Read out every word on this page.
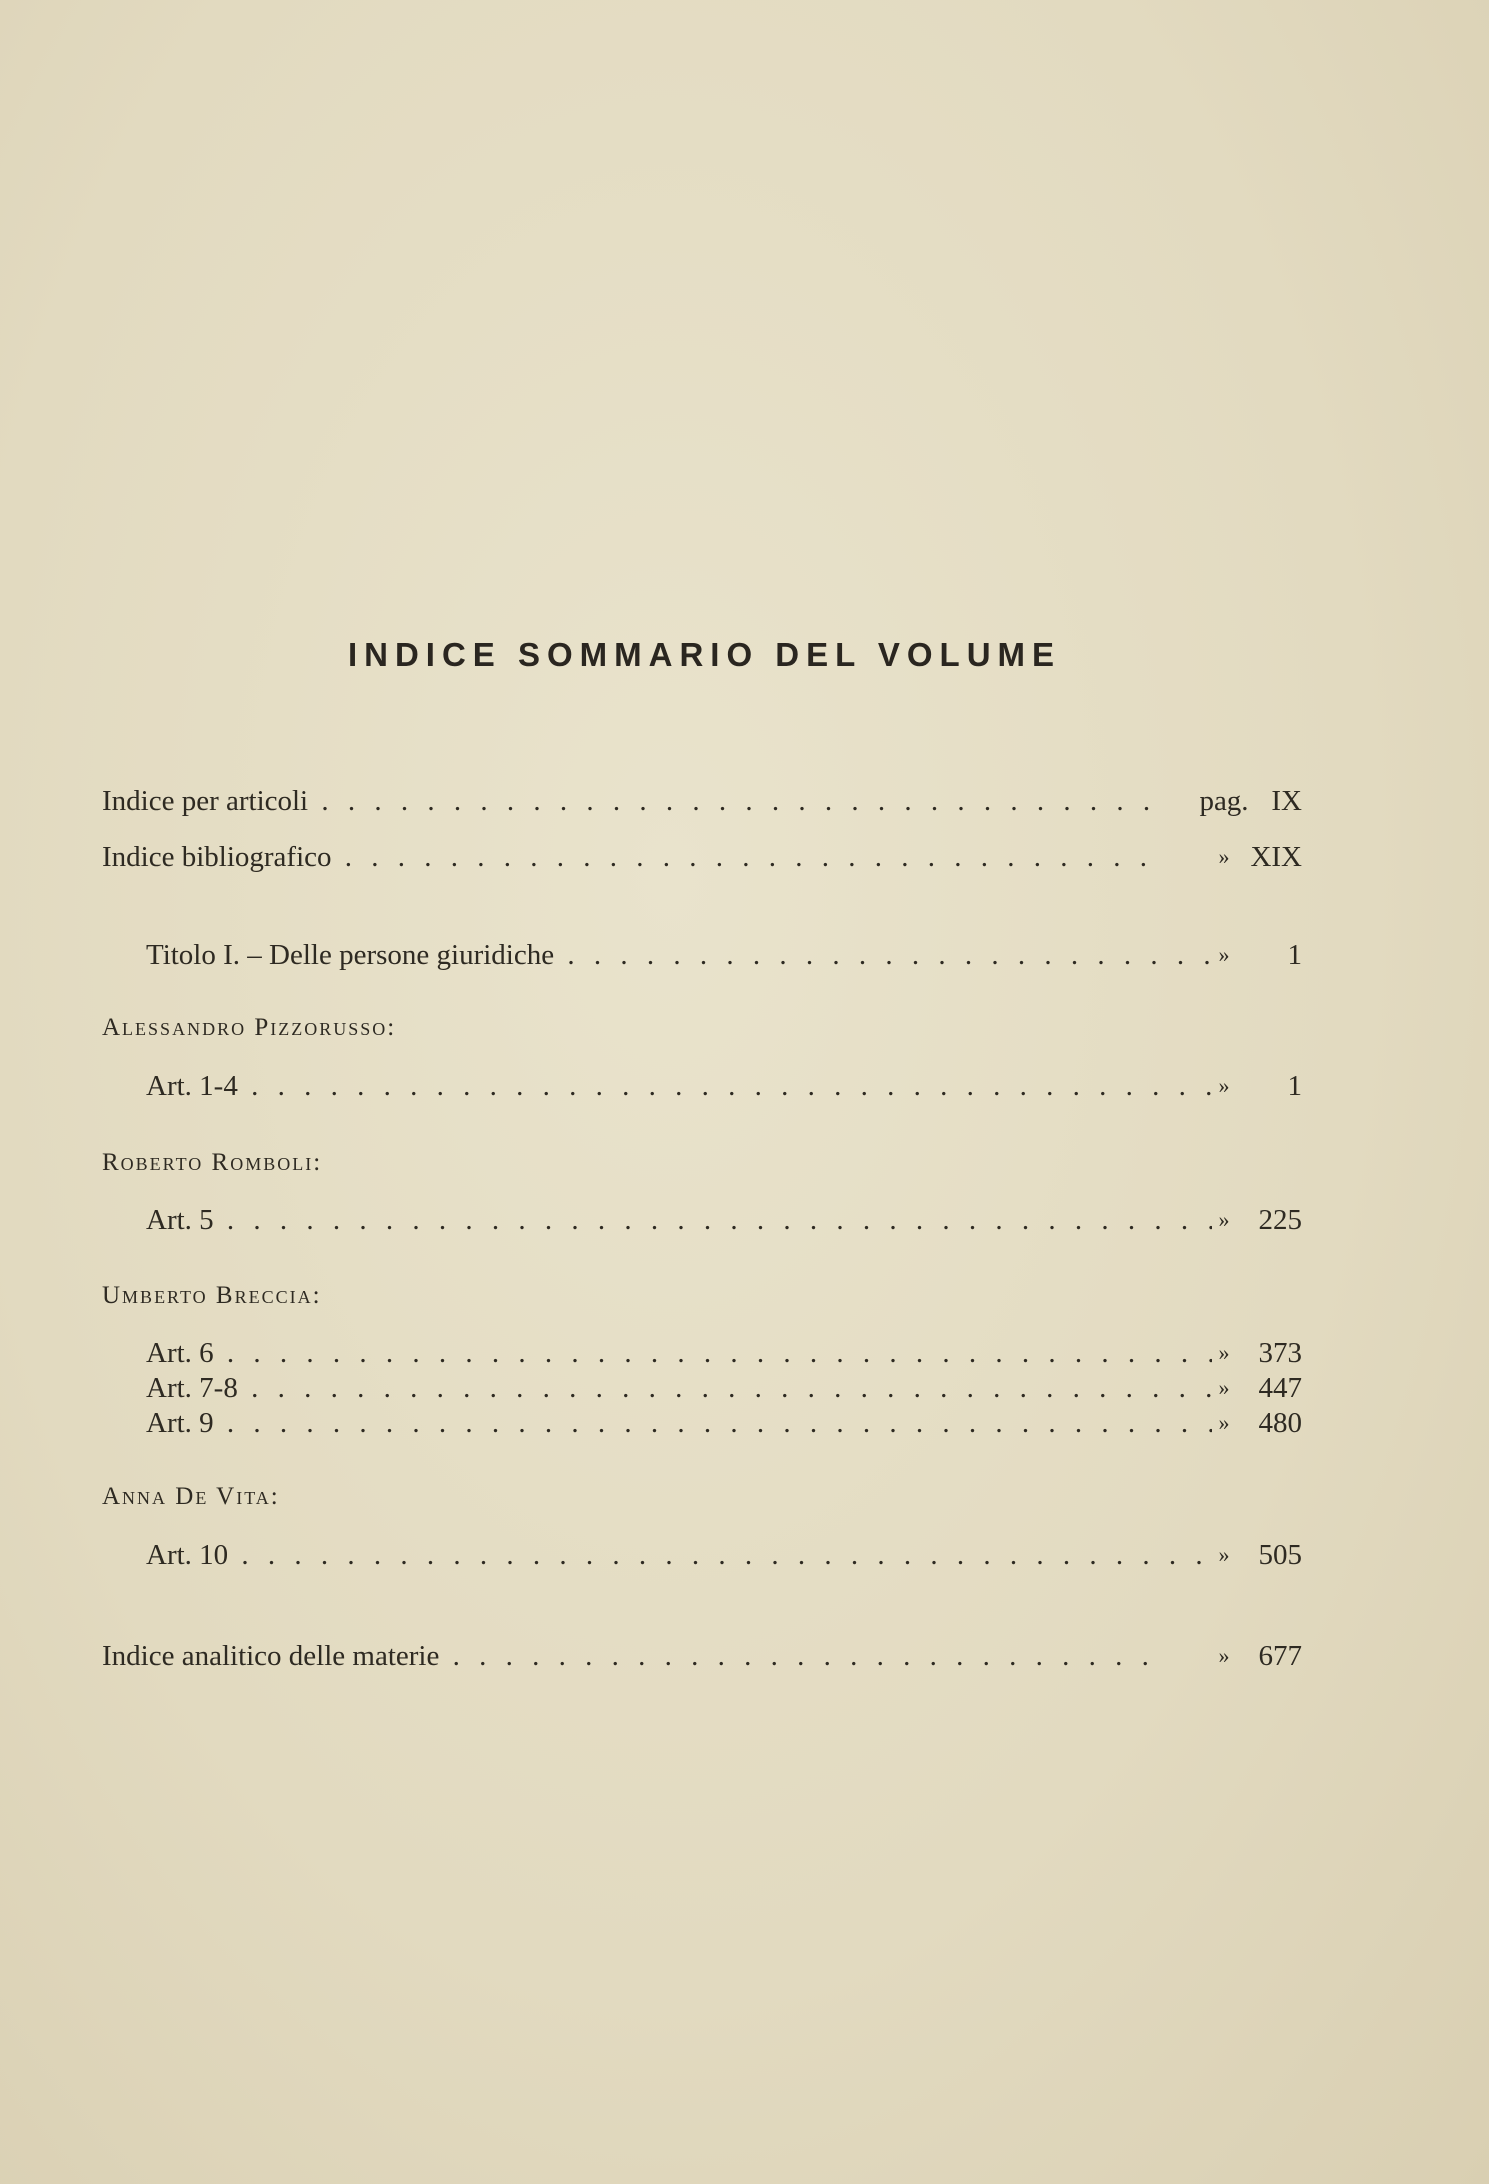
INDICE SOMMARIO DEL VOLUME
Indice per articoli . . .	pag. IX
Indice bibliografico . . .	» XIX
Titolo I. – Delle persone giuridiche . . .	»	1
Alessandro Pizzorusso:
Art. 1-4 . . .	»	1
Roberto Romboli:
Art. 5 . . .	»	225
Umberto Breccia:
Art. 6 . . .	»	373
Art. 7-8 . . .	»	447
Art. 9 . . .	»	480
Anna De Vita:
Art. 10 . . .	»	505
Indice analitico delle materie . . .	»	677
